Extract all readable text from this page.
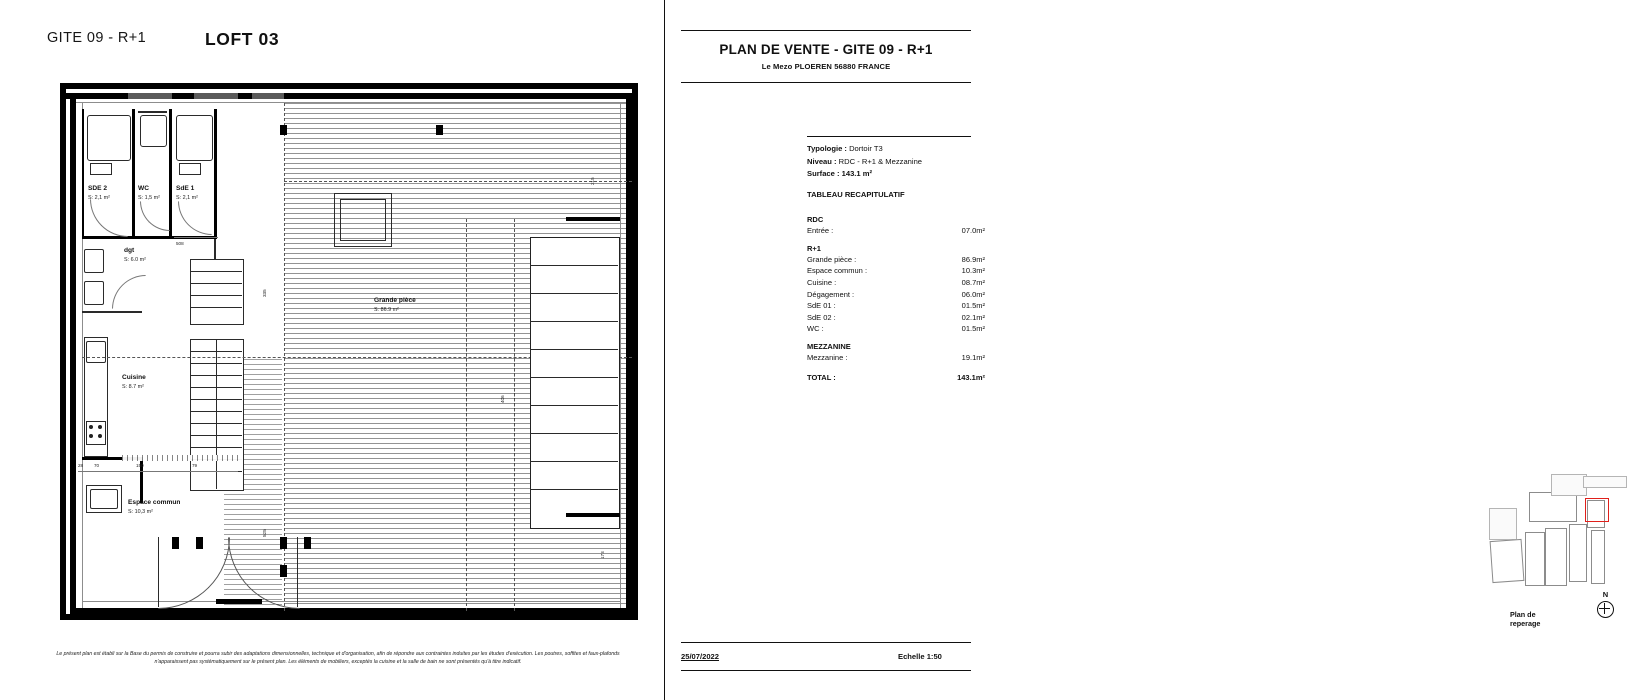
GITE 09 - R+1	LOFT 03
SDE 2
S: 2,1 m²
WC
S: 1,5 m²
SdE 1
S: 2,1 m²
dgt
S: 6.0 m²
Cuisine
S: 8.7 m²
Espace commun
S: 10,3 m²
Grande pièce
S: 86.9 m²
508
335
215
406
525
173
28 70	150	79
Le présent plan est établi sur la Base du permis de construire et pourra subir des adaptations dimensionnelles, technique et d'organisation, afin de répondre aux contraintes induites par les études d'exécution. Les poutres, soffites et faux-plafonds n'apparaissent pas systématiquement sur le présent plan. Les éléments de mobiliers, exceptés la cuisine et la salle de bain ne sont présentés qu'à titre indicatif.
PLAN DE VENTE - GITE 09 - R+1
Le Mezo PLOEREN 56880 FRANCE
Typologie : Dortoir T3
Niveau : RDC - R+1 & Mezzanine
Surface : 143.1 m²
TABLEAU RECAPITULATIF
RDC
Entrée :	07.0m²
R+1
Grande pièce :	86.9m²
Espace commun :	10.3m²
Cuisine :	08.7m²
Dégagement :	06.0m²
SdE 01 :	01.5m²
SdE 02 :	02.1m²
WC :	01.5m²
MEZZANINE
Mezzanine :	19.1m²
TOTAL :	143.1m²
Plan de reperage
N
25/07/2022	Echelle 1:50
